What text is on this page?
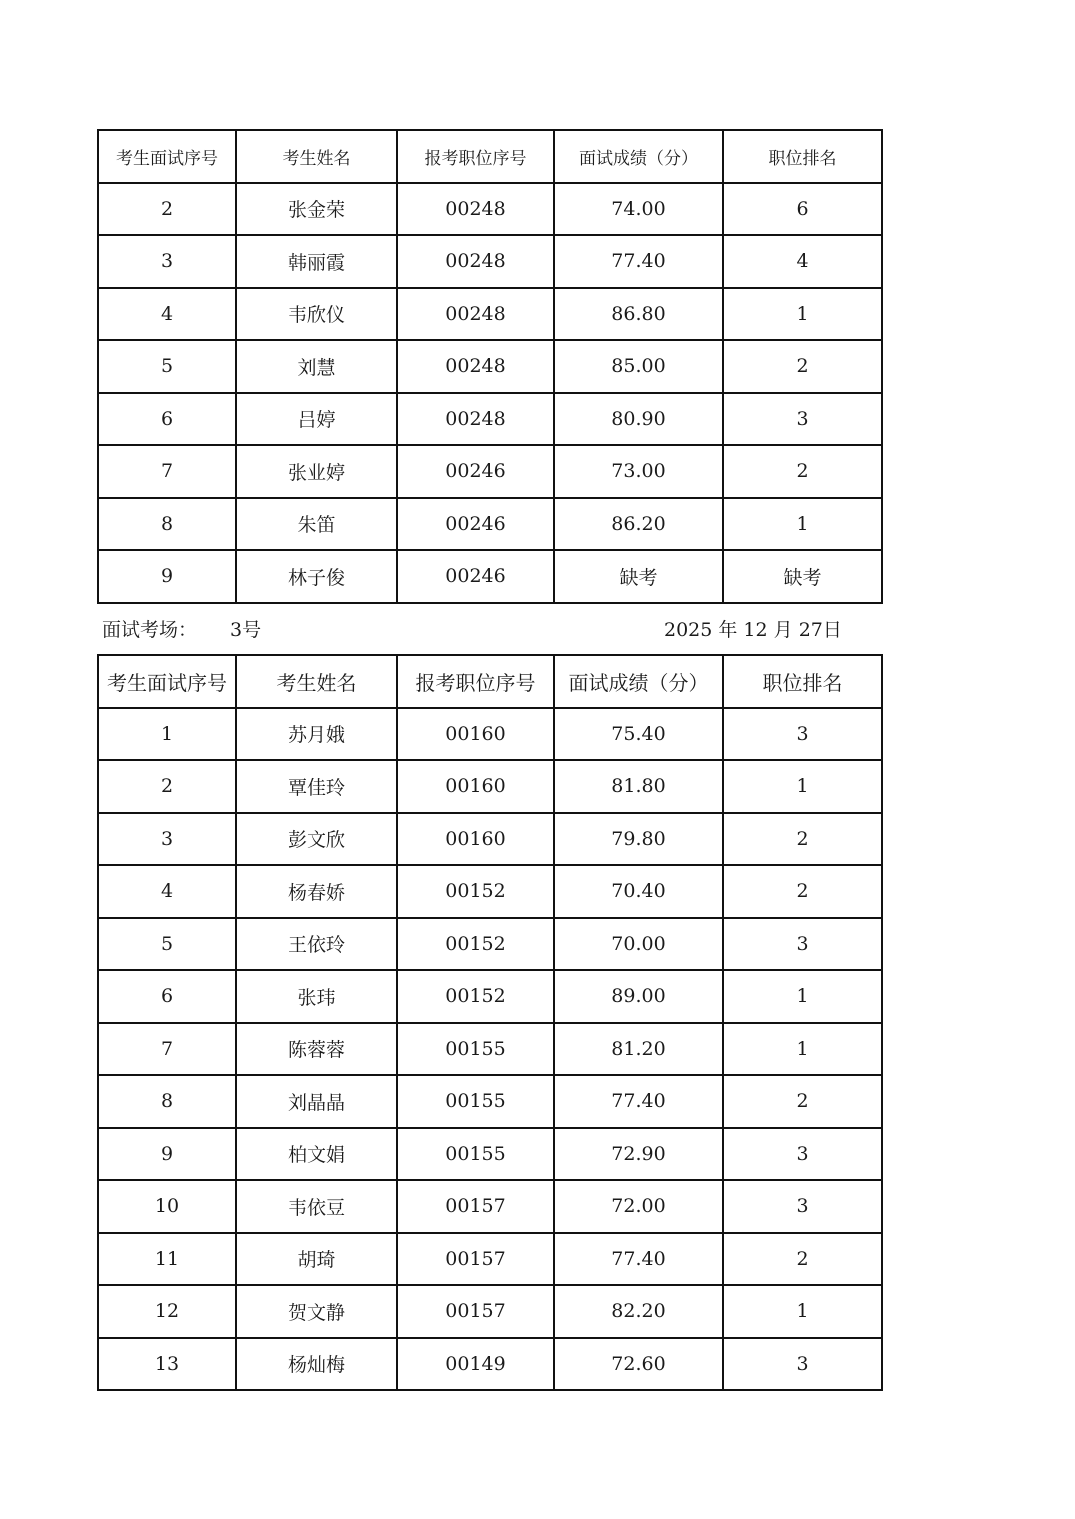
考生面试序号	考生姓名	报考职位序号	面试成绩（分）	职位排名
2	张金荣	00248	74.00	6
3	韩丽霞	00248	77.40	4
4	韦欣仪	00248	86.80	1
5	刘慧	00248	85.00	2
6	吕婷	00248	80.90	3
7	张业婷	00246	73.00	2
8	朱笛	00246	86.20	1
9	林子俊	00246	缺考	缺考
面试考场： 3号	2025 年 12 月 27日
考生面试序号	考生姓名	报考职位序号	面试成绩（分）	职位排名
1	苏月娥	00160	75.40	3
2	覃佳玲	00160	81.80	1
3	彭文欣	00160	79.80	2
4	杨春娇	00152	70.40	2
5	王依玲	00152	70.00	3
6	张玮	00152	89.00	1
7	陈蓉蓉	00155	81.20	1
8	刘晶晶	00155	77.40	2
9	柏文娟	00155	72.90	3
10	韦依豆	00157	72.00	3
11	胡琦	00157	77.40	2
12	贺文静	00157	82.20	1
13	杨灿梅	00149	72.60	3
